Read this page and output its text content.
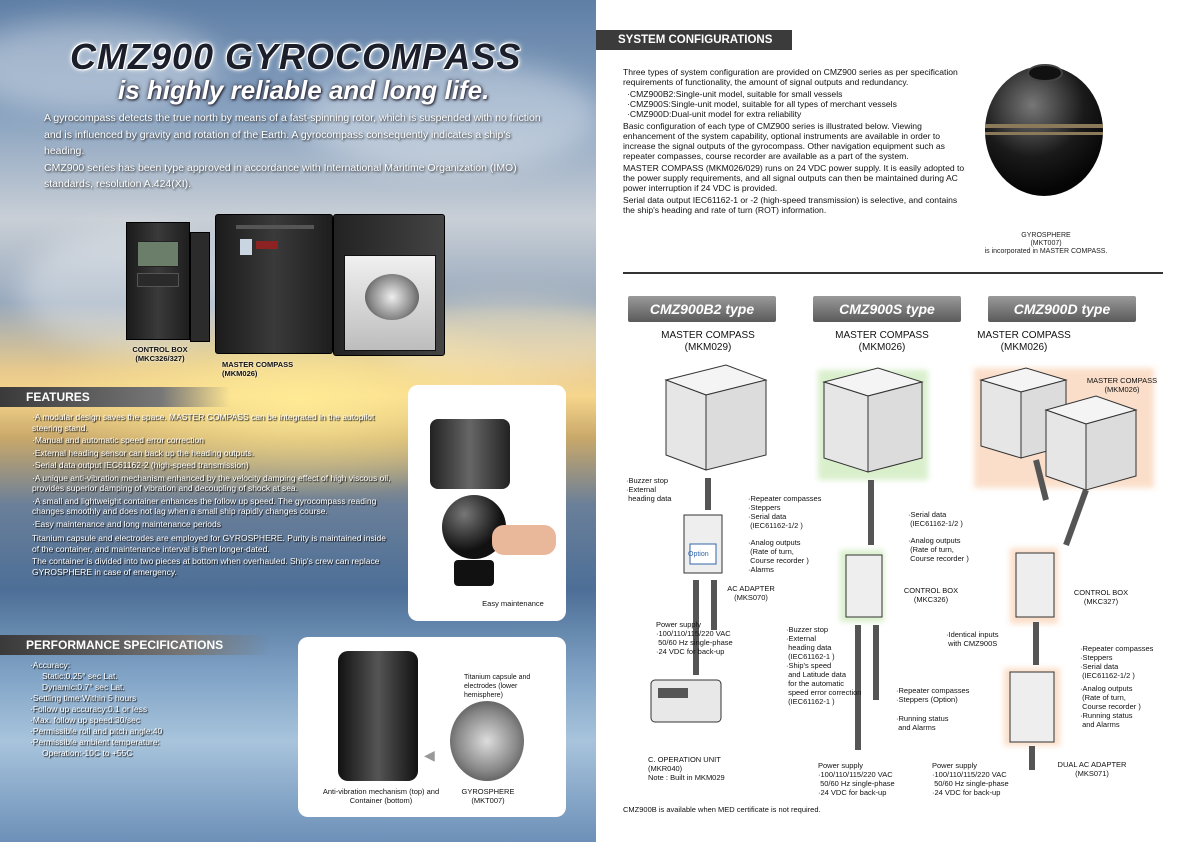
CMZ900 GYROCOMPASS
is highly reliable and long life.

A gyrocompass detects the true north by means of a fast-spinning rotor, which is suspended with no friction and is influenced by gravity and rotation of the Earth. A gyrocompass consequently indicates a ship's heading.

CMZ900 series has been type approved in accordance with International Maritime Organization (IMO) standards, resolution A.424(XI).

CONTROL BOX
(MKC326/327)
MASTER COMPASS
(MKM026)
FEATURES
·A modular design saves the space. MASTER COMPASS can be integrated in the autopilot steering stand.
·Manual and automatic speed error correction
·External heading sensor can back up the heading outputs.
·Serial data output IEC61162-2 (high-speed transmission)
·A unique anti-vibration mechanism enhanced by the velocity damping effect of high viscous oil, provides superior damping of vibration and decoupling of shock at sea.
·A small and lightweight container enhances the follow up speed. The gyrocompass reading changes smoothly and does not lag when a small ship rapidly changes course.
·Easy maintenance and long maintenance periods
Titanium capsule and electrodes are employed for GYROSPHERE. Purity is maintained inside of the container, and maintenance interval is then longer-dated.
The container is divided into two pieces at bottom when overhauled. Ship's crew can replace GYROSPHERE in case of emergency.
Easy maintenance
PERFORMANCE SPECIFICATIONS
·Accuracy:
Static:0.25° sec Lat.
Dynamic:0.7° sec Lat.
·Settling time:Within 5 hours
·Follow up accuracy:0.1 or less
·Max. follow up speed:30/sec
·Permissible roll and pitch angle:40
·Permissible ambient temperature:
Operation:-10C to +55C	◀
Titanium capsule and electrodes (lower hemisphere)
Anti-vibration mechanism (top) and Container (bottom)
GYROSPHERE
(MKT007)
SYSTEM CONFIGURATIONS

Three types of system configuration are provided on CMZ900 series as per specification requirements of functionality, the amount of signal outputs and redundancy.

·CMZ900B2:Single-unit model, suitable for small vessels

·CMZ900S:Single-unit model, suitable for all types of merchant vessels

·CMZ900D:Dual-unit model for extra reliability

Basic configuration of each type of CMZ900 series is illustrated below. Viewing enhancement of the system capability, optional instruments are available in order to increase the signal outputs of the gyrocompass. Other navigation equipment such as repeater compasses, course recorder are available as a part of the system.

MASTER COMPASS (MKM026/029) runs on 24 VDC power supply. It is easily adopted to the power supply requirements, and all signal outputs can then be maintained during AC power interruption if 24 VDC is provided.

Serial data output IEC61162-1 or -2 (high-speed transmission) is selective, and contains the ship's heading and rate of turn (ROT) information.

GYROSPHERE
(MKT007)
is incorporated in MASTER COMPASS.
CMZ900B2 type	CMZ900S type	CMZ900D type
MASTER COMPASS
(MKM029)
MASTER COMPASS
(MKM026)
MASTER COMPASS
(MKM026)
·Buzzer stop
·External
heading data	·Repeater compasses
·Steppers
·Serial data
(IEC61162-1/2 )
·Analog outputs
(Rate of turn,
Course recorder )
·Alarms
Option
AC ADAPTER
(MKS070)
Power supply
·100/110/115/220 VAC
50/60 Hz single-phase
·24 VDC for back-up
C. OPERATION UNIT
(MKR040)
Note : Built in MKM029
·Serial data
(IEC61162-1/2 )
·Analog outputs
(Rate of turn,
Course recorder )
CONTROL BOX
(MKC326)
·Buzzer stop
·External
heading data
(IEC61162-1 )
·Ship's speed
and Latitude data
for the automatic
speed error correction
(IEC61162-1 )
·Repeater compasses
·Steppers (Option)
·Running status
and Alarms
Power supply
·100/110/115/220 VAC
50/60 Hz single-phase
·24 VDC for back-up
MASTER COMPASS
(MKM026)
·Identical inputs
with CMZ900S
CONTROL BOX
(MKC327)
·Repeater compasses
·Steppers
·Serial data
(IEC61162-1/2 )
·Analog outputs
(Rate of turn,
Course recorder )
·Running status
and Alarms
DUAL AC ADAPTER
(MKS071)
Power supply
·100/110/115/220 VAC
50/60 Hz single-phase
·24 VDC for back-up
CMZ900B is available when MED certificate is not required.
